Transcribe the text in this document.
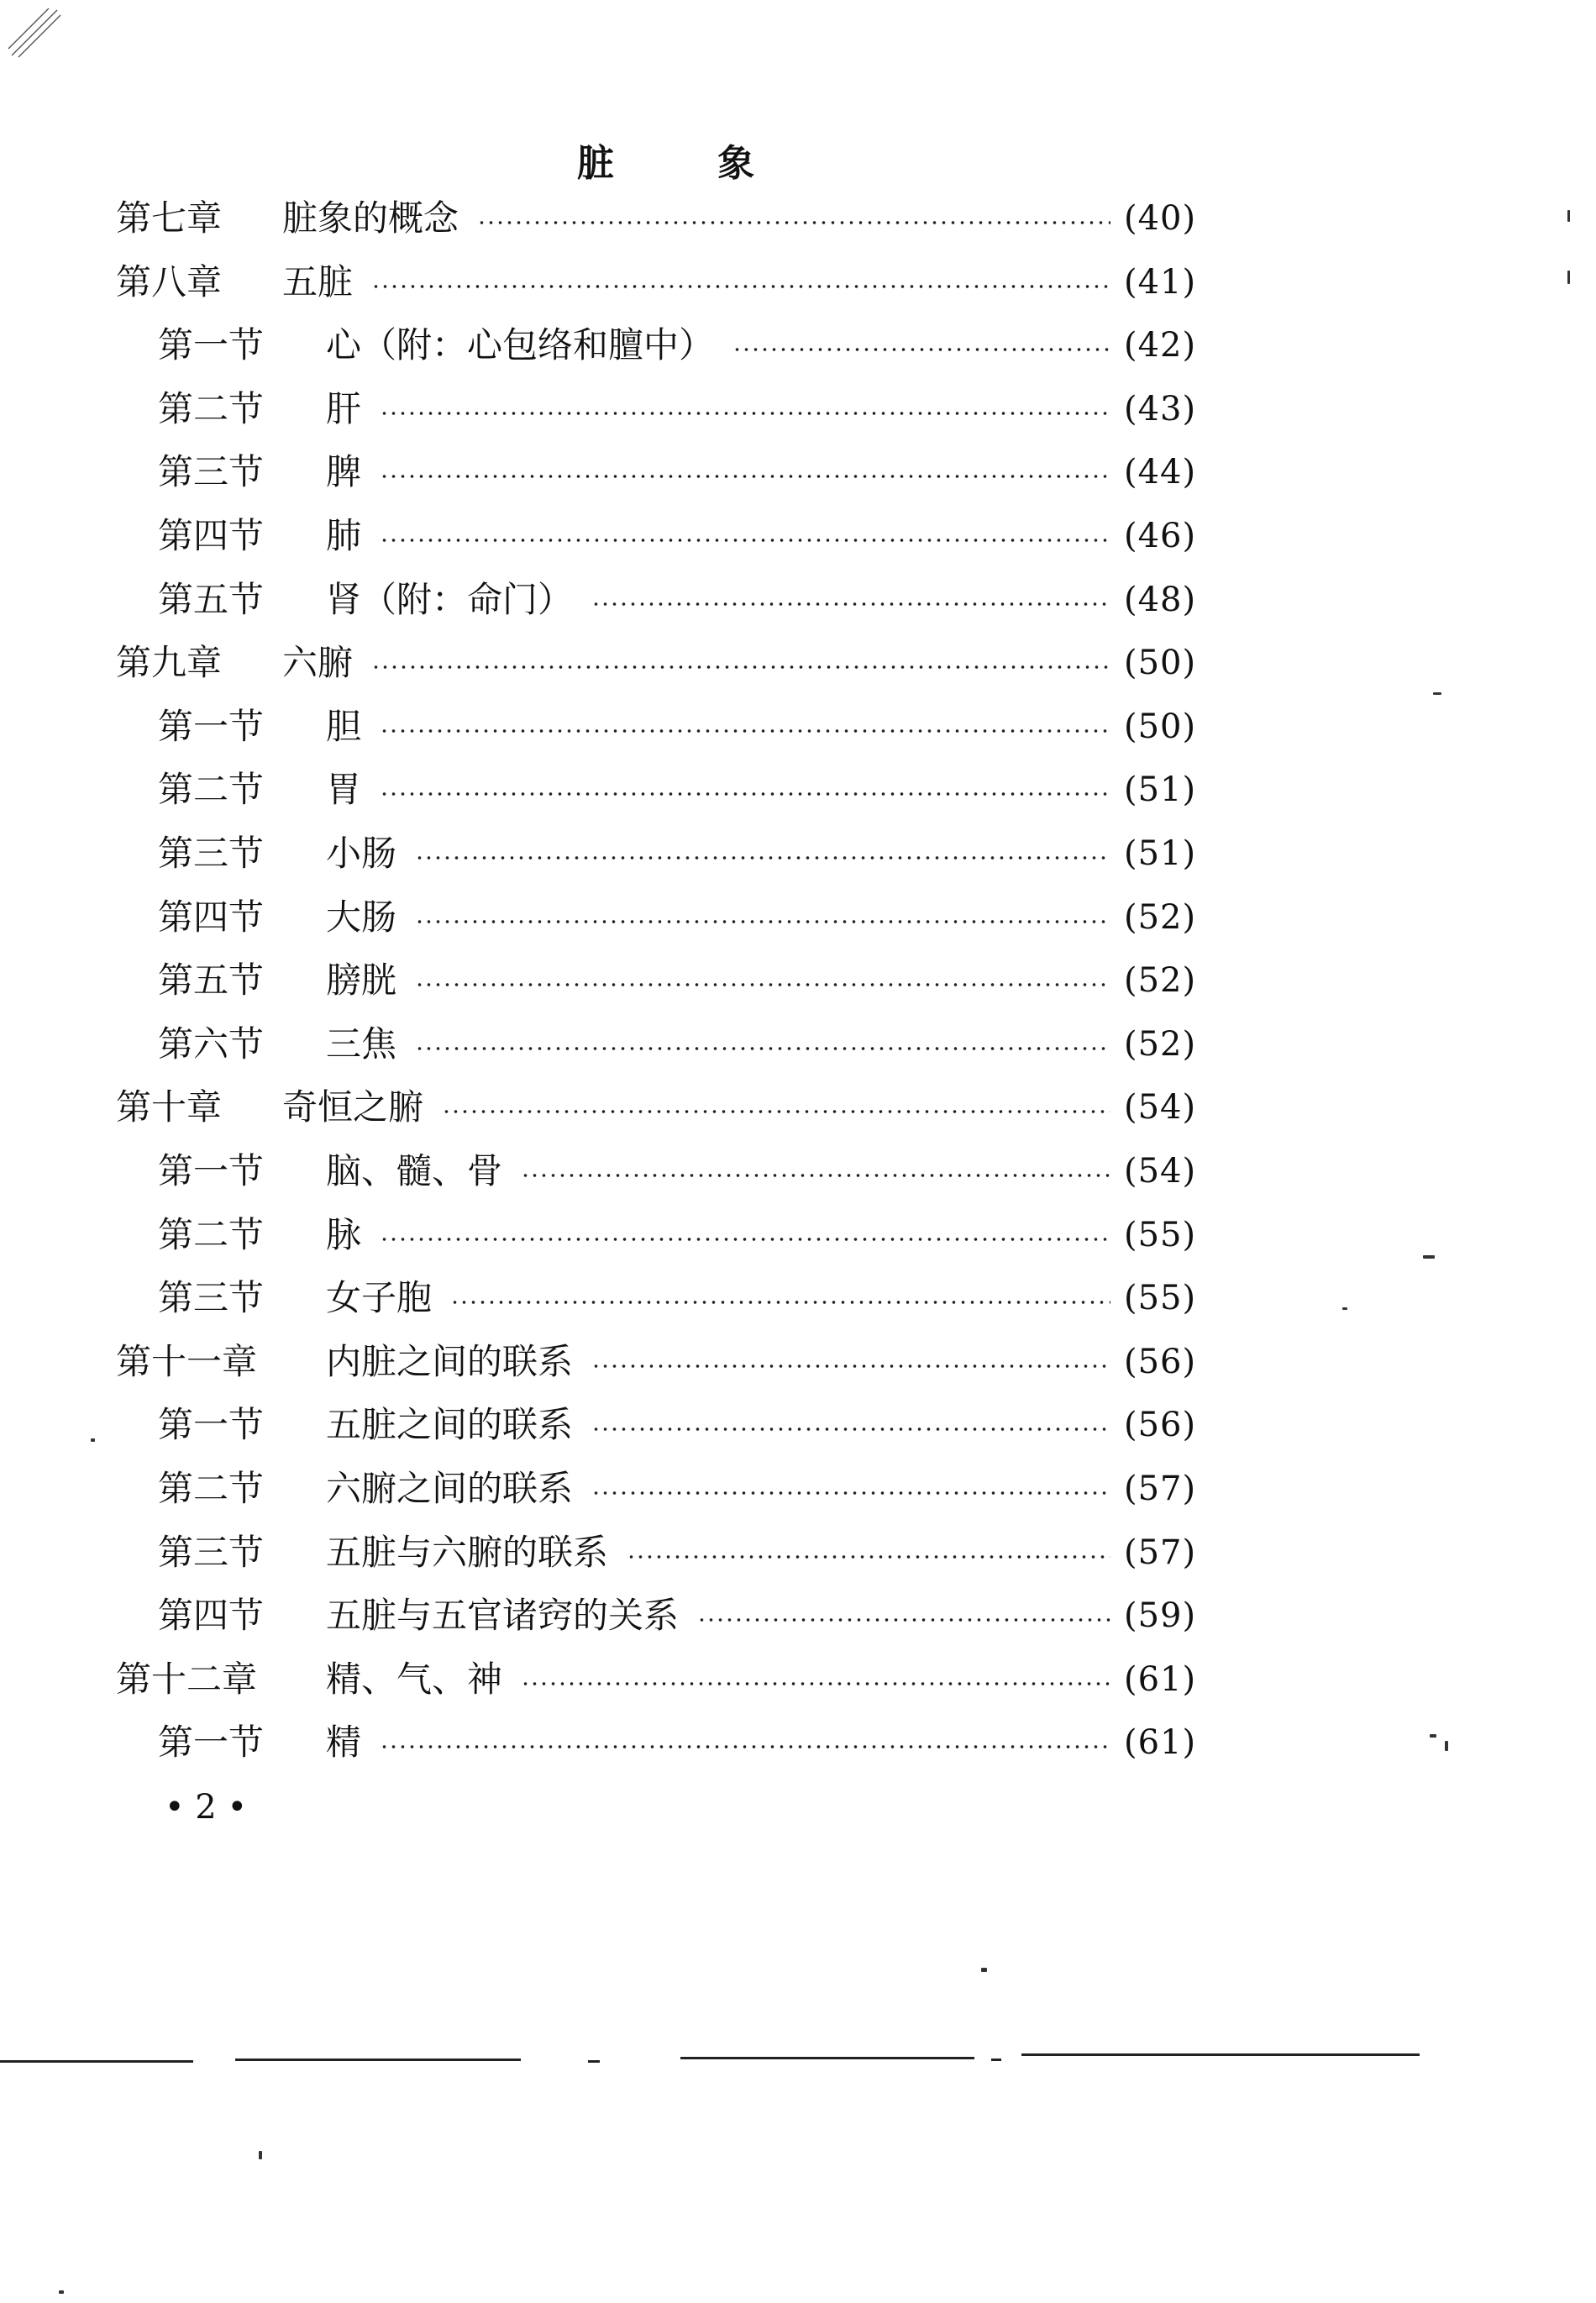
脏 象
第七章 脏象的概念	(40)
第八章 五脏	(41)
第一节 心（附：心包络和膻中）	(42)
第二节 肝	(43)
第三节 脾	(44)
第四节 肺	(46)
第五节 肾（附：命门）	(48)
第九章 六腑	(50)
第一节 胆	(50)
第二节 胃	(51)
第三节 小肠	(51)
第四节 大肠	(52)
第五节 膀胱	(52)
第六节 三焦	(52)
第十章 奇恒之腑	(54)
第一节 脑、髓、骨	(54)
第二节 脉	(55)
第三节 女子胞	(55)
第十一章 内脏之间的联系	(56)
第一节 五脏之间的联系	(56)
第二节 六腑之间的联系	(57)
第三节 五脏与六腑的联系	(57)
第四节 五脏与五官诸窍的关系	(59)
第十二章 精、气、神	(61)
第一节 精	(61)
• 2 •
